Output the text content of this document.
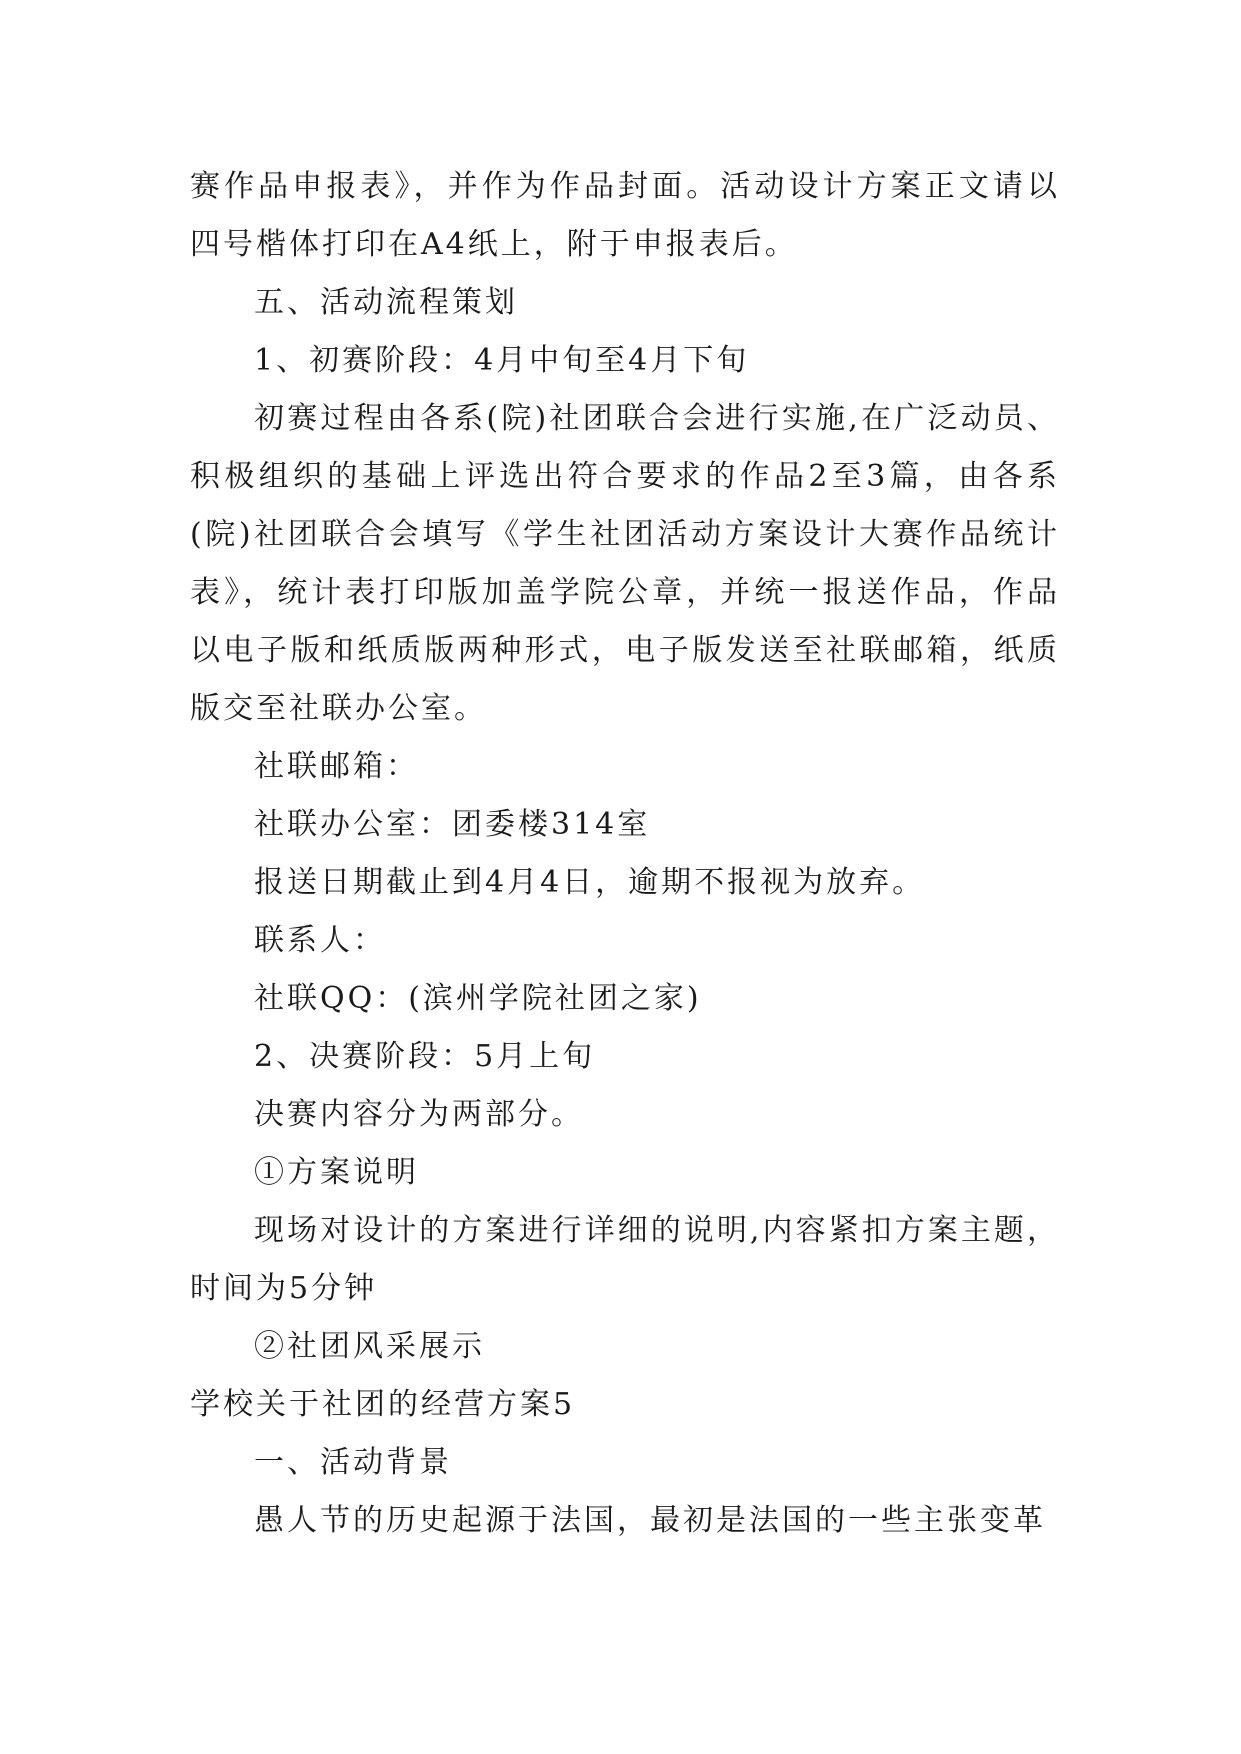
赛作品申报表》，并作为作品封面。活动设计方案正文请以四号楷体打印在A4纸上，附于申报表后。

五、活动流程策划

1、初赛阶段：4月中旬至4月下旬

初赛过程由各系(院)社团联合会进行实施,在广泛动员、积极组织的基础上评选出符合要求的作品2至3篇，由各系(院)社团联合会填写《学生社团活动方案设计大赛作品统计表》，统计表打印版加盖学院公章，并统一报送作品，作品以电子版和纸质版两种形式，电子版发送至社联邮箱，纸质版交至社联办公室。

社联邮箱：

社联办公室：团委楼314室

报送日期截止到4月4日，逾期不报视为放弃。

联系人：

社联QQ：(滨州学院社团之家)

2、决赛阶段：5月上旬

决赛内容分为两部分。

①方案说明

现场对设计的方案进行详细的说明,内容紧扣方案主题，时间为5分钟

②社团风采展示

学校关于社团的经营方案5

一、活动背景

愚人节的历史起源于法国，最初是法国的一些主张变革
